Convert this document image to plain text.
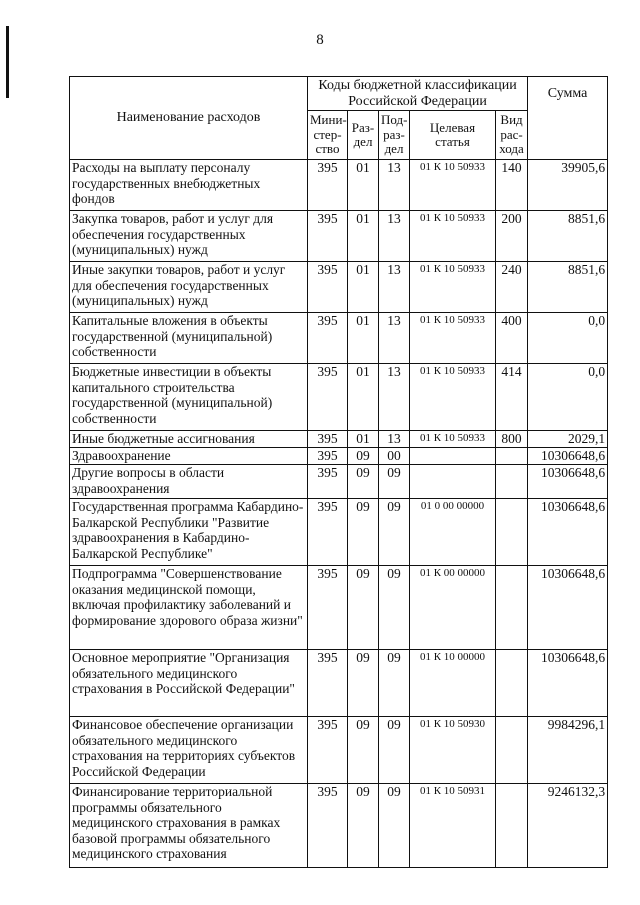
8
Наименование расходов	Коды бюджетной классификации Российской Федерации					Сумма
	Мини-стер-ство	Раз-дел	Под-раз-дел	Целевая статья	Вид рас-хода	
Расходы на выплату персоналу государственных внебюджетных фондов	395	01	13	01 К 10 50933	140	39905,6
Закупка товаров, работ и услуг для обеспечения государственных (муниципальных) нужд	395	01	13	01 К 10 50933	200	8851,6
Иные закупки товаров, работ и услуг для обеспечения государственных (муниципальных) нужд	395	01	13	01 К 10 50933	240	8851,6
Капитальные вложения в объекты государственной (муниципальной) собственности	395	01	13	01 К 10 50933	400	0,0
Бюджетные инвестиции в объекты капитального строительства государственной (муниципальной) собственности	395	01	13	01 К 10 50933	414	0,0
Иные бюджетные ассигнования	395	01	13	01 К 10 50933	800	2029,1
Здравоохранение	395	09	00			10306648,6
Другие вопросы в области здравоохранения	395	09	09			10306648,6
Государственная программа Кабардино-Балкарской Республики "Развитие здравоохранения в Кабардино-Балкарской Республике"	395	09	09	01 0 00 00000		10306648,6
Подпрограмма "Совершенствование оказания медицинской помощи, включая профилактику заболеваний и формирование здорового образа жизни"	395	09	09	01 К 00 00000		10306648,6
Основное мероприятие "Организация обязательного медицинского страхования в Российской Федерации"	395	09	09	01 К 10 00000		10306648,6
Финансовое обеспечение организации обязательного медицинского страхования на территориях субъектов Российской Федерации	395	09	09	01 К 10 50930		9984296,1
Финансирование территориальной программы обязательного медицинского страхования в рамках базовой программы обязательного медицинского страхования	395	09	09	01 К 10 50931		9246132,3
